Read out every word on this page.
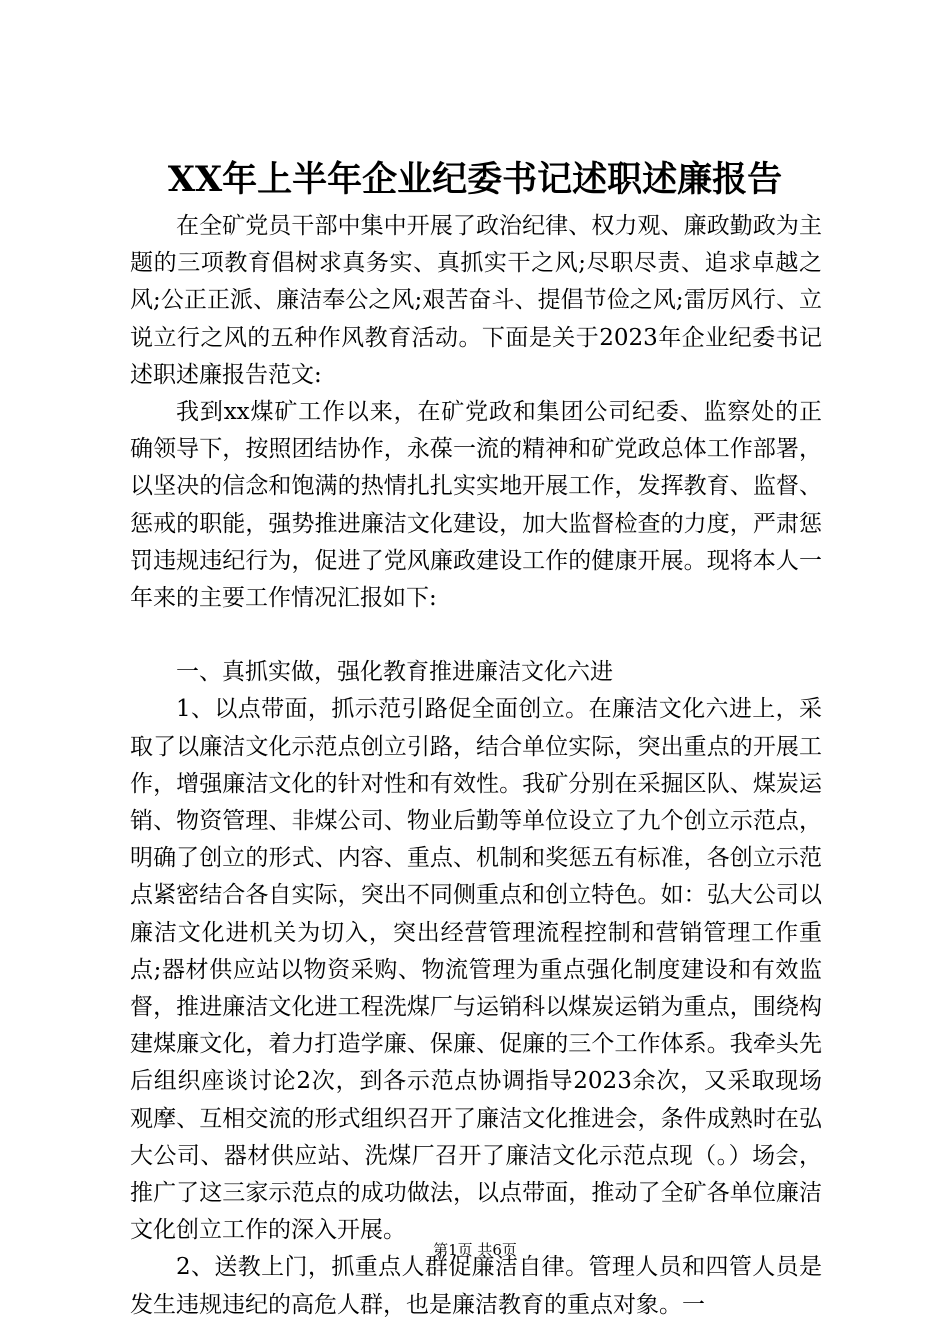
XX年上半年企业纪委书记述职述廉报告

在全矿党员干部中集中开展了政治纪律、权力观、廉政勤政为主题的三项教育倡树求真务实、真抓实干之风;尽职尽责、追求卓越之风;公正正派、廉洁奉公之风;艰苦奋斗、提倡节俭之风;雷厉风行、立说立行之风的五种作风教育活动。下面是关于2023年企业纪委书记述职述廉报告范文:

我到xx煤矿工作以来，在矿党政和集团公司纪委、监察处的正确领导下，按照团结协作，永葆一流的精神和矿党政总体工作部署，以坚决的信念和饱满的热情扎扎实实地开展工作，发挥教育、监督、惩戒的职能，强势推进廉洁文化建设，加大监督检查的力度，严肃惩罚违规违纪行为，促进了党风廉政建设工作的健康开展。现将本人一年来的主要工作情况汇报如下:

一、真抓实做，强化教育推进廉洁文化六进

1、以点带面，抓示范引路促全面创立。在廉洁文化六进上，采取了以廉洁文化示范点创立引路，结合单位实际，突出重点的开展工作，增强廉洁文化的针对性和有效性。我矿分别在采掘区队、煤炭运销、物资管理、非煤公司、物业后勤等单位设立了九个创立示范点，明确了创立的形式、内容、重点、机制和奖惩五有标准，各创立示范点紧密结合各自实际，突出不同侧重点和创立特色。如：弘大公司以廉洁文化进机关为切入，突出经营管理流程控制和营销管理工作重点;器材供应站以物资采购、物流管理为重点强化制度建设和有效监督，推进廉洁文化进工程洗煤厂与运销科以煤炭运销为重点，围绕构建煤廉文化，着力打造学廉、保廉、促廉的三个工作体系。我牵头先后组织座谈讨论2次，到各示范点协调指导2023余次，又采取现场观摩、互相交流的形式组织召开了廉洁文化推进会，条件成熟时在弘大公司、器材供应站、洗煤厂召开了廉洁文化示范点现（。）场会，推广了这三家示范点的成功做法，以点带面，推动了全矿各单位廉洁文化创立工作的深入开展。

2、送教上门，抓重点人群促廉洁自律。管理人员和四管人员是发生违规违纪的高危人群，也是廉洁教育的重点对象。一

第1页 共6页
